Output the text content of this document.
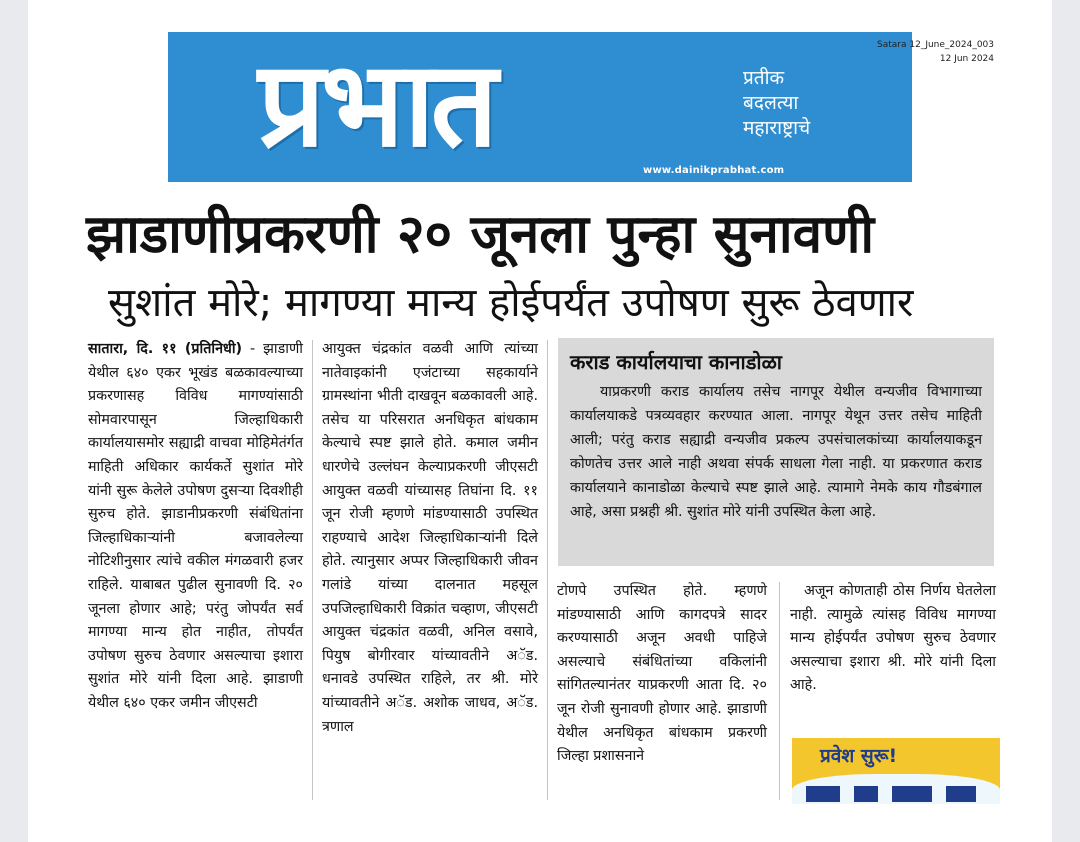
प्रभात	प्रतीक
बदलत्या
महाराष्ट्राचे
www.dainikprabhat.com
Satara 12_June_2024_003
12 Jun 2024
झाडाणीप्रकरणी २० जूनला पुन्हा सुनावणी
सुशांत मोरे; मागण्या मान्य होईपर्यंत उपोषण सुरू ठेवणार

सातारा, दि. ११ (प्रतिनिधी) - झाडाणी येथील ६४० एकर भूखंड बळकावल्याच्या प्रकरणासह विविध मागण्यांसाठी सोमवारपासून जिल्हाधिकारी कार्यालयासमोर सह्याद्री वाचवा मोहिमेतंर्गत माहिती अधिकार कार्यकर्ते सुशांत मोरे यांनी सुरू केलेले उपोषण दुसऱ्या दिवशीही सुरुच होते. झाडानीप्रकरणी संबंधितांना जिल्हाधिकाऱ्यांनी बजावलेल्या नोटिशीनुसार त्यांचे वकील मंगळवारी हजर राहिले. याबाबत पुढील सुनावणी दि. २० जूनला होणार आहे; परंतु जोपर्यंत सर्व मागण्या मान्य होत नाहीत, तोपर्यंत उपोषण सुरुच ठेवणार असल्याचा इशारा सुशांत मोरे यांनी दिला आहे. झाडाणी येथील ६४० एकर जमीन जीएसटी

आयुक्त चंद्रकांत वळवी आणि त्यांच्या नातेवाइकांनी एजंटाच्या सहकार्याने ग्रामस्थांना भीती दाखवून बळकावली आहे. तसेच या परिसरात अनधिकृत बांधकाम केल्याचे स्पष्ट झाले होते. कमाल जमीन धारणेचे उल्लंघन केल्याप्रकरणी जीएसटी आयुक्त वळवी यांच्यासह तिघांना दि. ११ जून रोजी म्हणणे मांडण्यासाठी उपस्थित राहण्याचे आदेश जिल्हाधिकाऱ्यांनी दिले होते. त्यानुसार अप्पर जिल्हाधिकारी जीवन गलांडे यांच्या दालनात महसूल उपजिल्हाधिकारी विक्रांत चव्हाण, जीएसटी आयुक्त चंद्रकांत वळवी, अनिल वसावे, पियुष बोगीरवार यांच्यावतीने अॅड. धनावडे उपस्थित राहिले, तर श्री. मोरे यांच्यावतीने अॅड. अशोक जाधव, अॅड. त्रणाल

कराड कार्यालयाचा कानाडोळा
याप्रकरणी कराड कार्यालय तसेच नागपूर येथील वन्यजीव विभागाच्या कार्यालयाकडे पत्रव्यवहार करण्यात आला. नागपूर येथून उत्तर तसेच माहिती आली; परंतु कराड सह्याद्री वन्यजीव प्रकल्प उपसंचालकांच्या कार्यालयाकडून कोणतेच उत्तर आले नाही अथवा संपर्क साधला गेला नाही. या प्रकरणात कराड कार्यालयाने कानाडोळा केल्याचे स्पष्ट झाले आहे. त्यामागे नेमके काय गौडबंगाल आहे, असा प्रश्नही श्री. सुशांत मोरे यांनी उपस्थित केला आहे.

टोणपे उपस्थित होते. म्हणणे मांडण्यासाठी आणि कागदपत्रे सादर करण्यासाठी अजून अवधी पाहिजे असल्याचे संबंधितांच्या वकिलांनी सांगितल्यानंतर याप्रकरणी आता दि. २० जून रोजी सुनावणी होणार आहे. झाडाणी येथील अनधिकृत बांधकाम प्रकरणी जिल्हा प्रशासनाने

अजून कोणताही ठोस निर्णय घेतलेला नाही. त्यामुळे त्यांसह विविध मागण्या मान्य होईपर्यंत उपोषण सुरुच ठेवणार असल्याचा इशारा श्री. मोरे यांनी दिला आहे.

प्रवेश सुरू!
